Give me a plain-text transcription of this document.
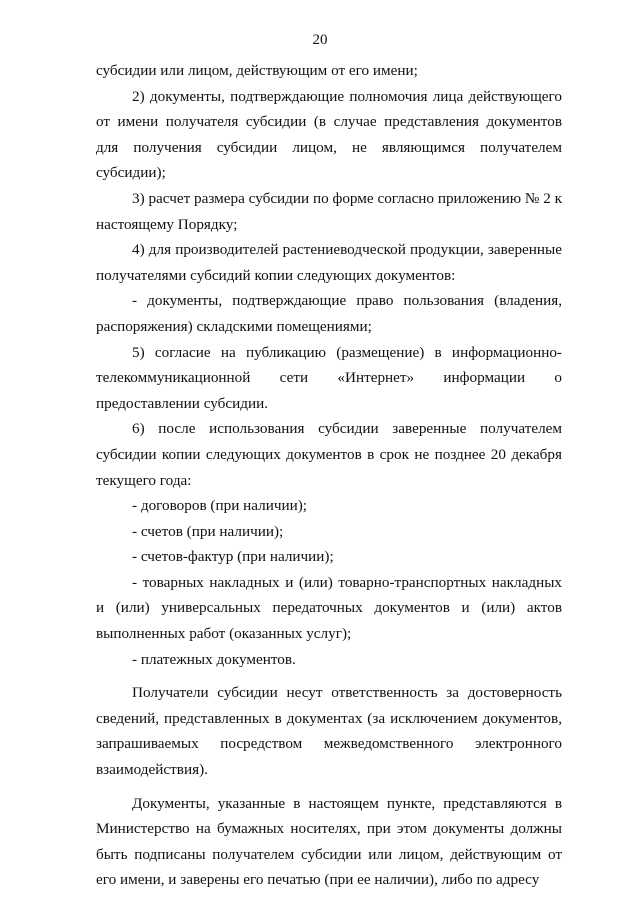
20

субсидии или лицом, действующим от его имени;

2) документы, подтверждающие полномочия лица действующего от имени получателя субсидии (в случае представления документов для получения субсидии лицом, не являющимся получателем субсидии);

3) расчет размера субсидии по форме согласно приложению № 2 к настоящему Порядку;

4) для производителей растениеводческой продукции, заверенные получателями субсидий копии следующих документов:

- документы, подтверждающие право пользования (владения, распоряжения) складскими помещениями;

5) согласие на публикацию (размещение) в информационно-телекоммуникационной сети «Интернет» информации о предоставлении субсидии.

6) после использования субсидии заверенные получателем субсидии копии следующих документов в срок не позднее 20 декабря текущего года:

- договоров (при наличии);

- счетов (при наличии);

- счетов-фактур (при наличии);

- товарных накладных и (или) товарно-транспортных накладных и (или) универсальных передаточных документов и (или) актов выполненных работ (оказанных услуг);

- платежных документов.

Получатели субсидии несут ответственность за достоверность сведений, представленных в документах (за исключением документов, запрашиваемых посредством межведомственного электронного взаимодействия).

Документы, указанные в настоящем пункте, представляются в Министерство на бумажных носителях, при этом документы должны быть подписаны получателем субсидии или лицом, действующим от его имени, и заверены его печатью (при ее наличии), либо по адресу
